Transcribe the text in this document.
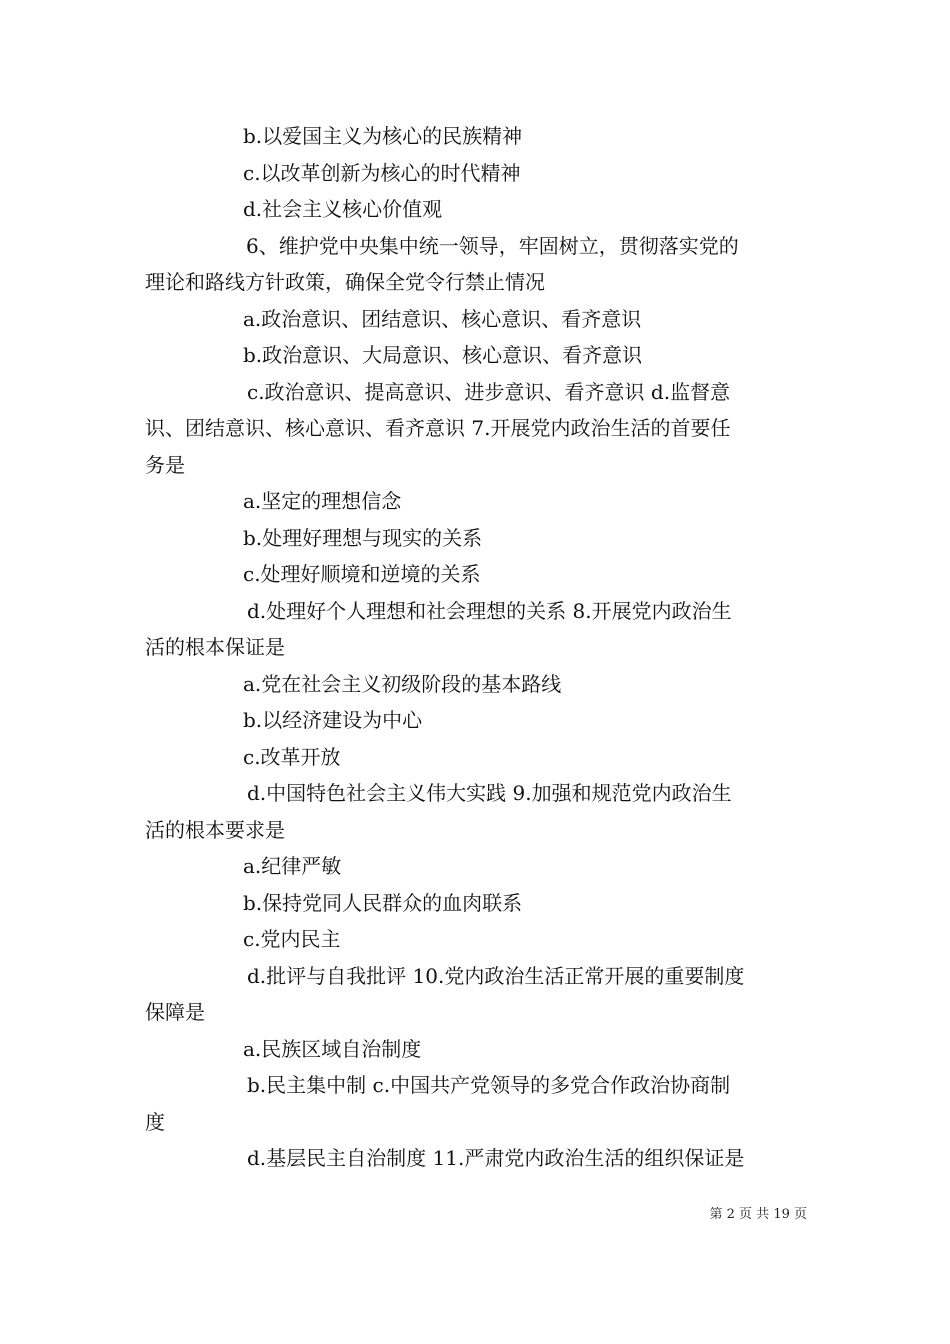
b.以爱国主义为核心的民族精神
c.以改革创新为核心的时代精神
d.社会主义核心价值观
6、维护党中央集中统一领导，牢固树立，贯彻落实党的
理论和路线方针政策，确保全党令行禁止情况
a.政治意识、团结意识、核心意识、看齐意识
b.政治意识、大局意识、核心意识、看齐意识
c.政治意识、提高意识、进步意识、看齐意识 d.监督意
识、团结意识、核心意识、看齐意识 7.开展党内政治生活的首要任
务是
a.坚定的理想信念
b.处理好理想与现实的关系
c.处理好顺境和逆境的关系
d.处理好个人理想和社会理想的关系 8.开展党内政治生
活的根本保证是
a.党在社会主义初级阶段的基本路线
b.以经济建设为中心
c.改革开放
d.中国特色社会主义伟大实践 9.加强和规范党内政治生
活的根本要求是
a.纪律严敏
b.保持党同人民群众的血肉联系
c.党内民主
d.批评与自我批评 10.党内政治生活正常开展的重要制度
保障是
a.民族区域自治制度
b.民主集中制 c.中国共产党领导的多党合作政治协商制
度
d.基层民主自治制度 11.严肃党内政治生活的组织保证是
第 2 页 共 19 页
